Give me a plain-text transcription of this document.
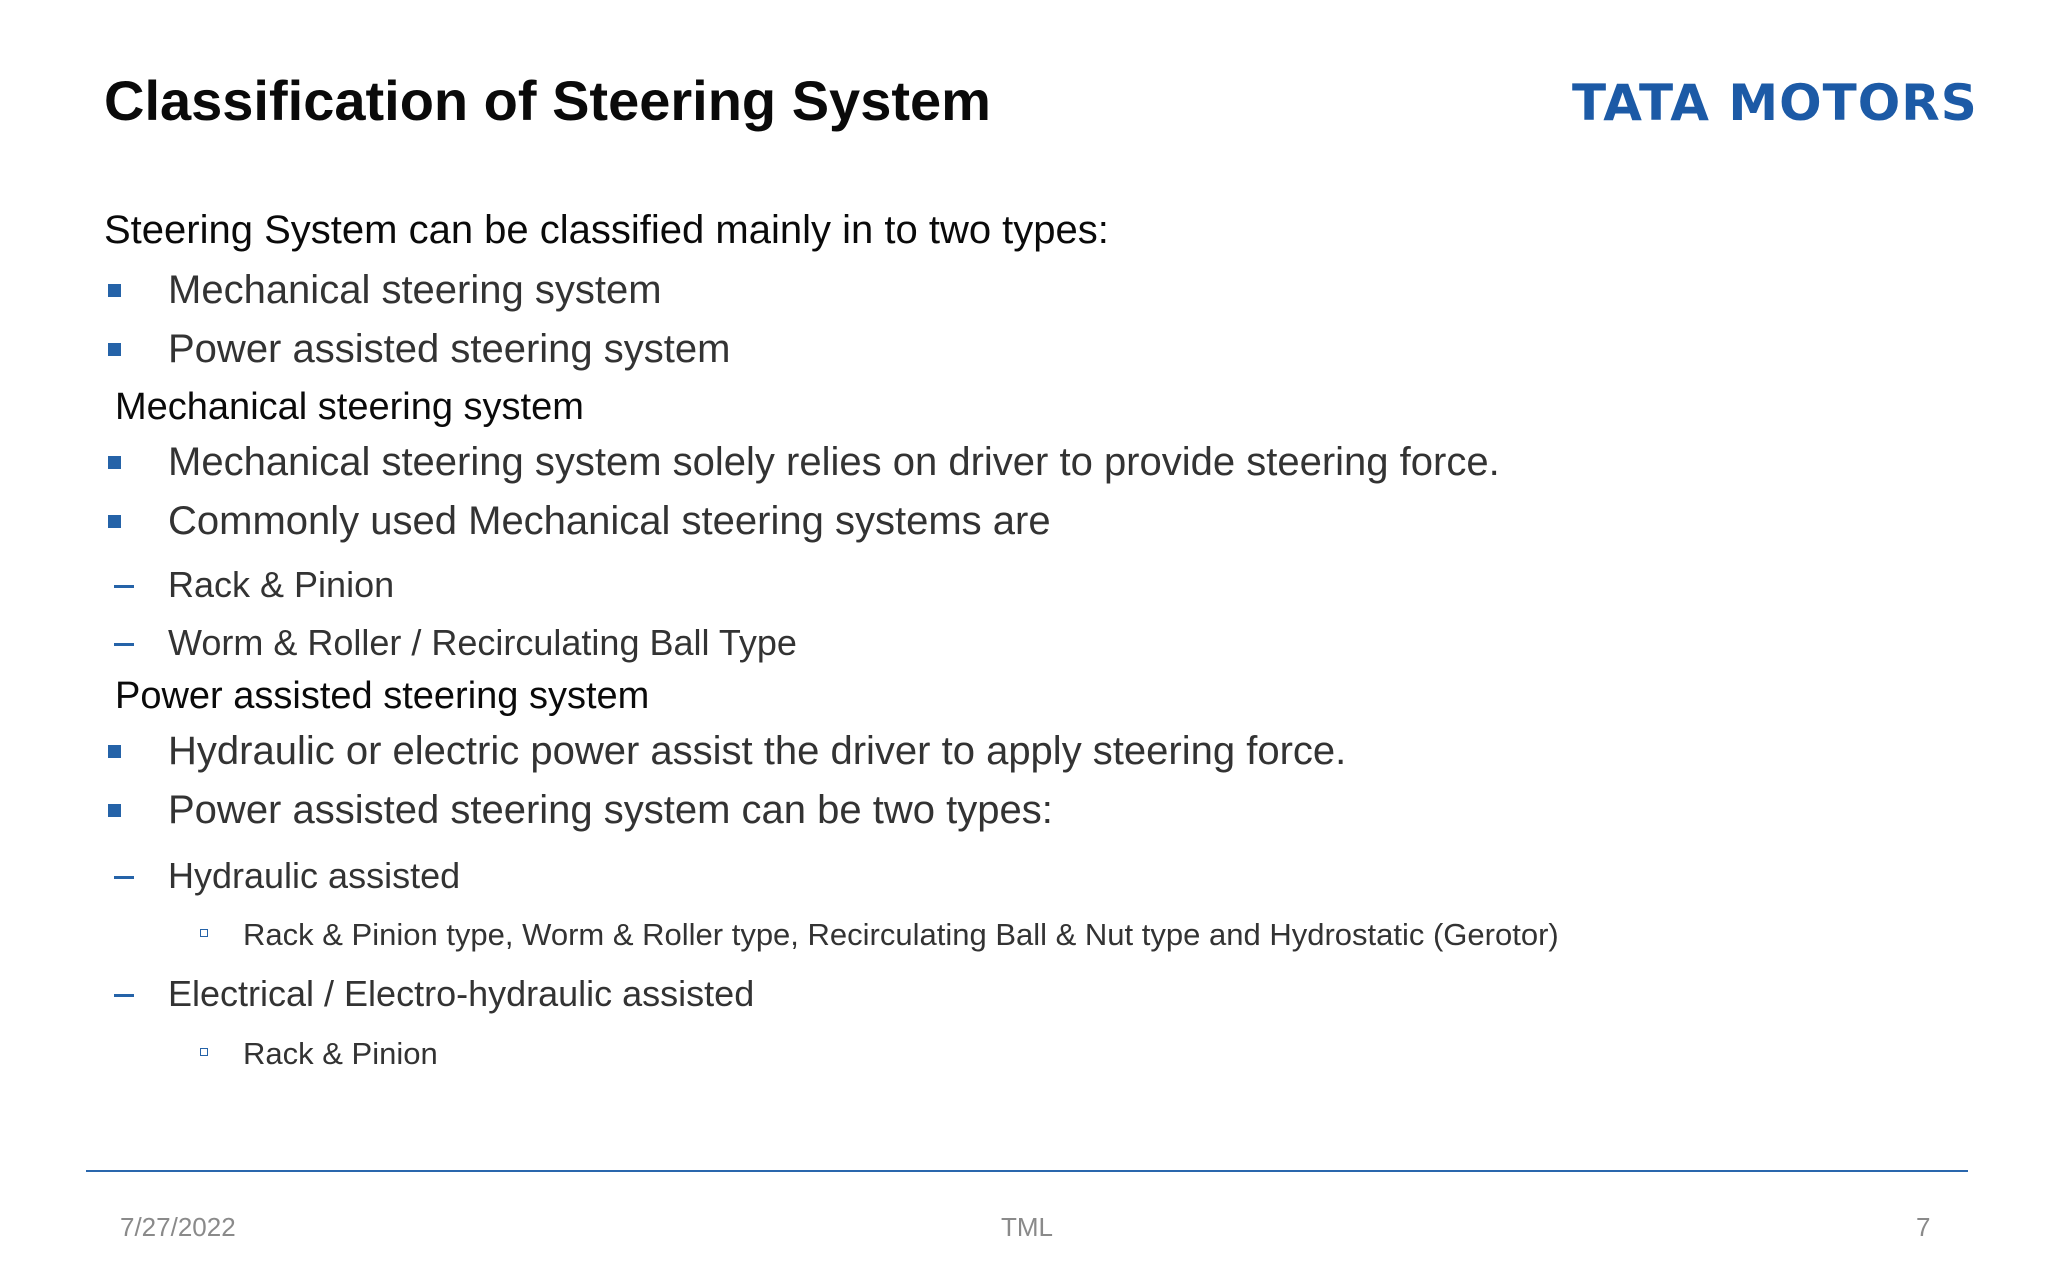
Classification of Steering System	TATA MOTORS
Steering System can be classified mainly in to two types:
Mechanical steering system
Power assisted steering system
Mechanical steering system
Mechanical steering system solely relies on driver to provide steering force.
Commonly used Mechanical steering systems are
Rack & Pinion
Worm & Roller / Recirculating Ball Type
Power assisted steering system
Hydraulic or electric power assist the driver to apply steering force.
Power assisted steering system can be two types:
Hydraulic assisted
Rack & Pinion type, Worm & Roller type, Recirculating Ball & Nut type and Hydrostatic (Gerotor)
Electrical / Electro-hydraulic assisted
Rack & Pinion
7/27/2022	TML	7
